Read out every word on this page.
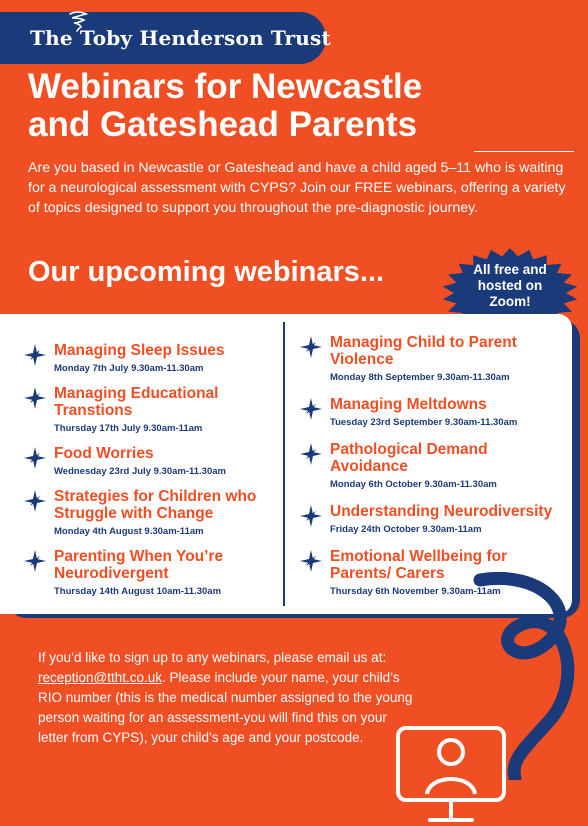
The Toby Henderson Trust
Webinars for Newcastle
and Gateshead Parents

Are you based in Newcastle or Gateshead and have a child aged 5–11 who is waiting for a neurological assessment with CYPS? Join our FREE webinars, offering a variety of topics designed to support you throughout the pre-diagnostic journey.

Our upcoming webinars...	All free and
hosted on
Zoom!

Managing Sleep Issues

Monday 7th July 9.30am-11.30am

Managing Educational Transtions

Thursday 17th July 9.30am-11am

Food Worries

Wednesday 23rd July 9.30am-11.30am

Strategies for Children who Struggle with Change

Monday 4th August 9.30am-11am

Parenting When You’re Neurodivergent

Thursday 14th August 10am-11.30am

Managing Child to Parent Violence

Monday 8th September 9.30am-11.30am

Managing Meltdowns

Tuesday 23rd September 9.30am-11.30am

Pathological Demand Avoidance

Monday 6th October 9.30am-11.30am

Understanding Neurodiversity

Friday 24th October 9.30am-11am

Emotional Wellbeing for Parents/ Carers

Thursday 6th November 9.30am-11am

If you’d like to sign up to any webinars, please email us at: reception@ttht.co.uk. Please include your name, your child’s RIO number (this is the medical number assigned to the young person waiting for an assessment-you will find this on your letter from CYPS), your child’s age and your postcode.
